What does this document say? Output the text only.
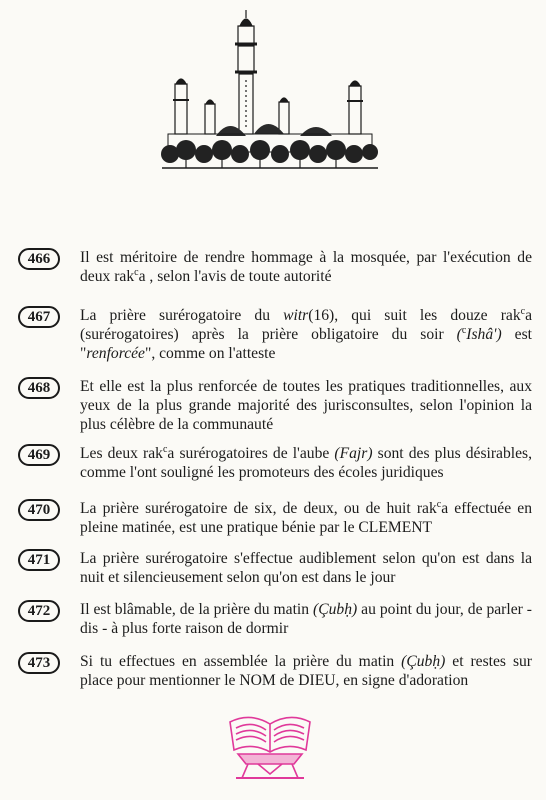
466	Il est méritoire de rendre hommage à la mosquée, par l'exécution de deux rak$^c$a , selon l'avis de toute autorité
467	La prière surérogatoire du witr(16), qui suit les douze rak$^c$a (surérogatoires) après la prière obligatoire du soir ($^c$Ishâ') est "renforcée", comme on l'atteste
468	Et elle est la plus renforcée de toutes les pratiques traditionnelles, aux yeux de la plus grande majorité des jurisconsultes, selon l'opinion la plus célèbre de la communauté
469	Les deux rak$^c$a surérogatoires de l'aube (Fajr) sont des plus désirables, comme l'ont souligné les promoteurs des écoles juridiques
470	La prière surérogatoire de six, de deux, ou de huit rak$^c$a effectuée en pleine matinée, est une pratique bénie par le CLEMENT
471	La prière surérogatoire s'effectue audiblement selon qu'on est dans la nuit et silencieusement selon qu'on est dans le jour
472	Il est blâmable, de la prière du matin (Çubḥ) au point du jour, de parler - dis - à plus forte raison de dormir
473	Si tu effectues en assemblée la prière du matin (Çubḥ) et restes sur place pour mentionner le NOM de DIEU, en signe d'adoration
